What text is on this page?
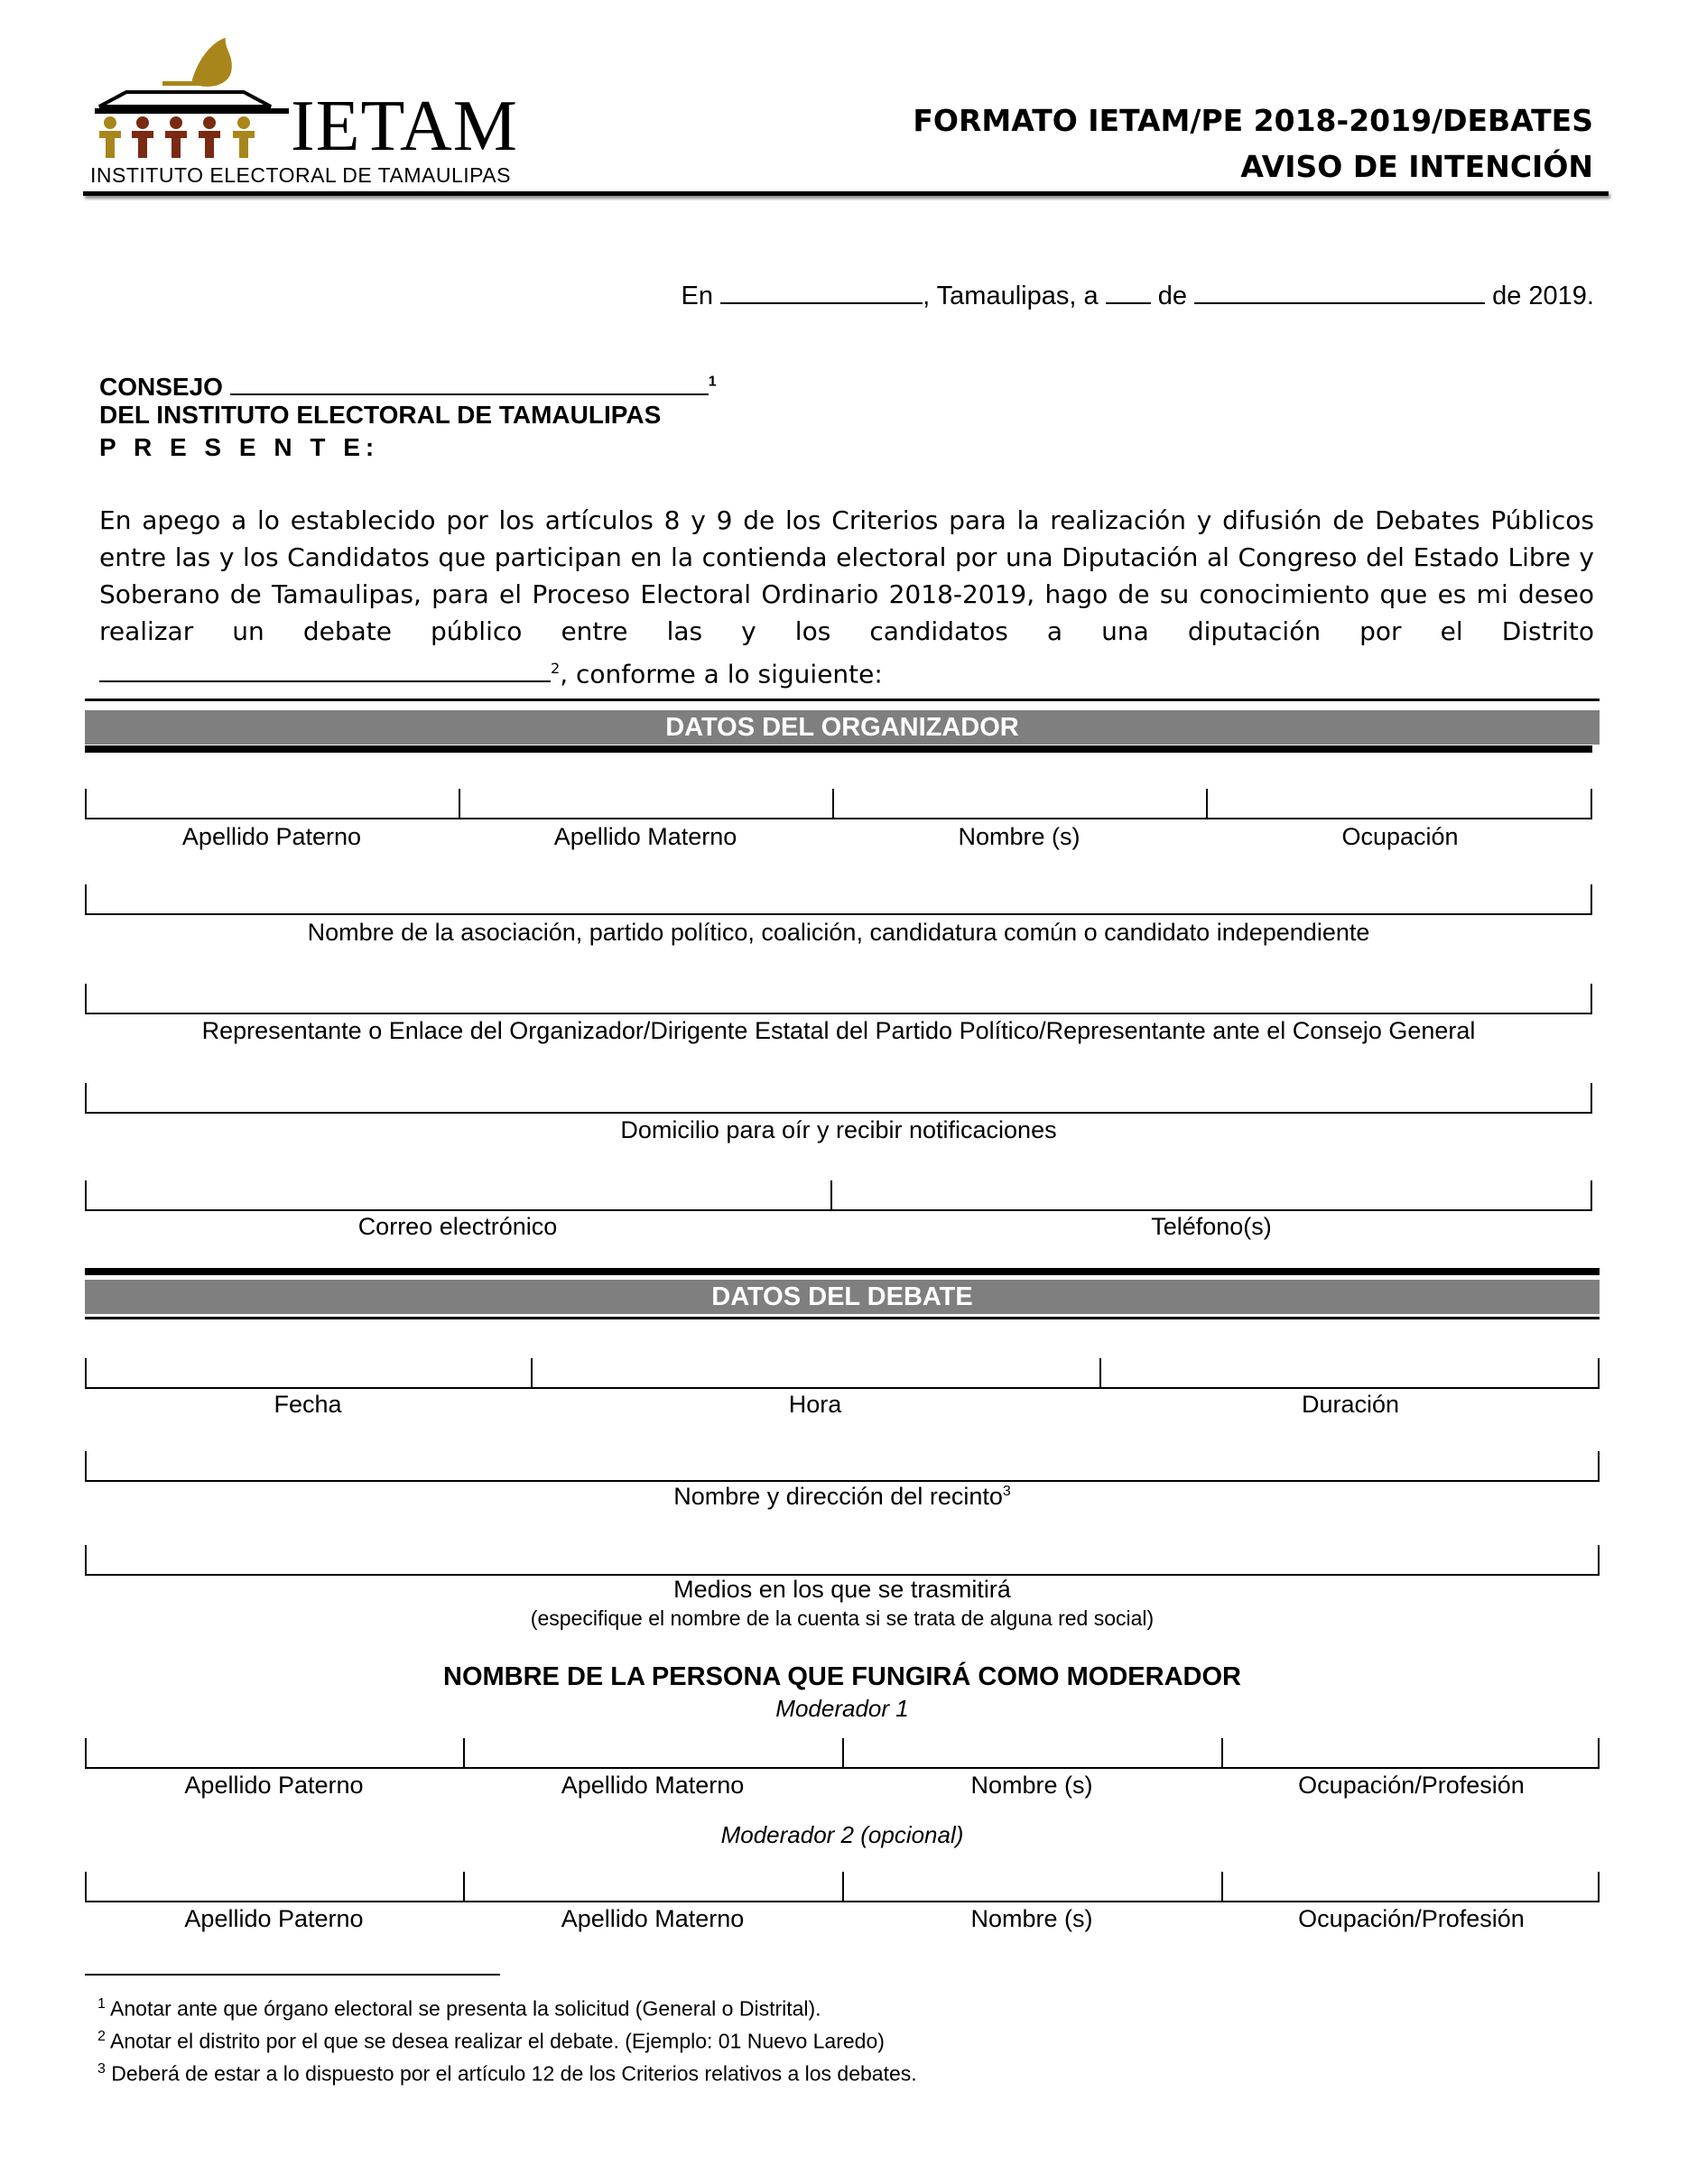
IETAM
INSTITUTO ELECTORAL DE TAMAULIPAS
FORMATO IETAM/PE 2018-2019/DEBATES
AVISO DE INTENCIÓN
En	, Tamaulipas, a de	de 2019.
CONSEJO	$^1$
DEL INSTITUTO ELECTORAL DE TAMAULIPAS
P R E S E N T E:
En apego a lo establecido por los artículos 8 y 9 de los Criterios para la realización y difusión de Debates Públicos entre las y los Candidatos que participan en la contienda electoral por una Diputación al Congreso del Estado Libre y Soberano de Tamaulipas, para el Proceso Electoral Ordinario 2018-2019, hago de su conocimiento que es mi deseo realizar un debate público entre las y los candidatos a una diputación por el Distrito $^2$, conforme a lo siguiente:
DATOS DEL ORGANIZADOR
Apellido Paterno	Apellido Materno	Nombre (s)	Ocupación
Nombre de la asociación, partido político, coalición, candidatura común o candidato independiente
Representante o Enlace del Organizador/Dirigente Estatal del Partido Político/Representante ante el Consejo General
Domicilio para oír y recibir notificaciones
Correo electrónico	Teléfono(s)
DATOS DEL DEBATE
Fecha	Hora	Duración
Nombre y dirección del recinto$^3$
Medios en los que se trasmitirá
(especifique el nombre de la cuenta si se trata de alguna red social)
NOMBRE DE LA PERSONA QUE FUNGIRÁ COMO MODERADOR
Moderador 1
Apellido Paterno	Apellido Materno	Nombre (s)	Ocupación/Profesión
Moderador 2 (opcional)
Apellido Paterno	Apellido Materno	Nombre (s)	Ocupación/Profesión
$^1$ Anotar ante que órgano electoral se presenta la solicitud (General o Distrital).
$^2$ Anotar el distrito por el que se desea realizar el debate. (Ejemplo: 01 Nuevo Laredo)
$^3$ Deberá de estar a lo dispuesto por el artículo 12 de los Criterios relativos a los debates.
